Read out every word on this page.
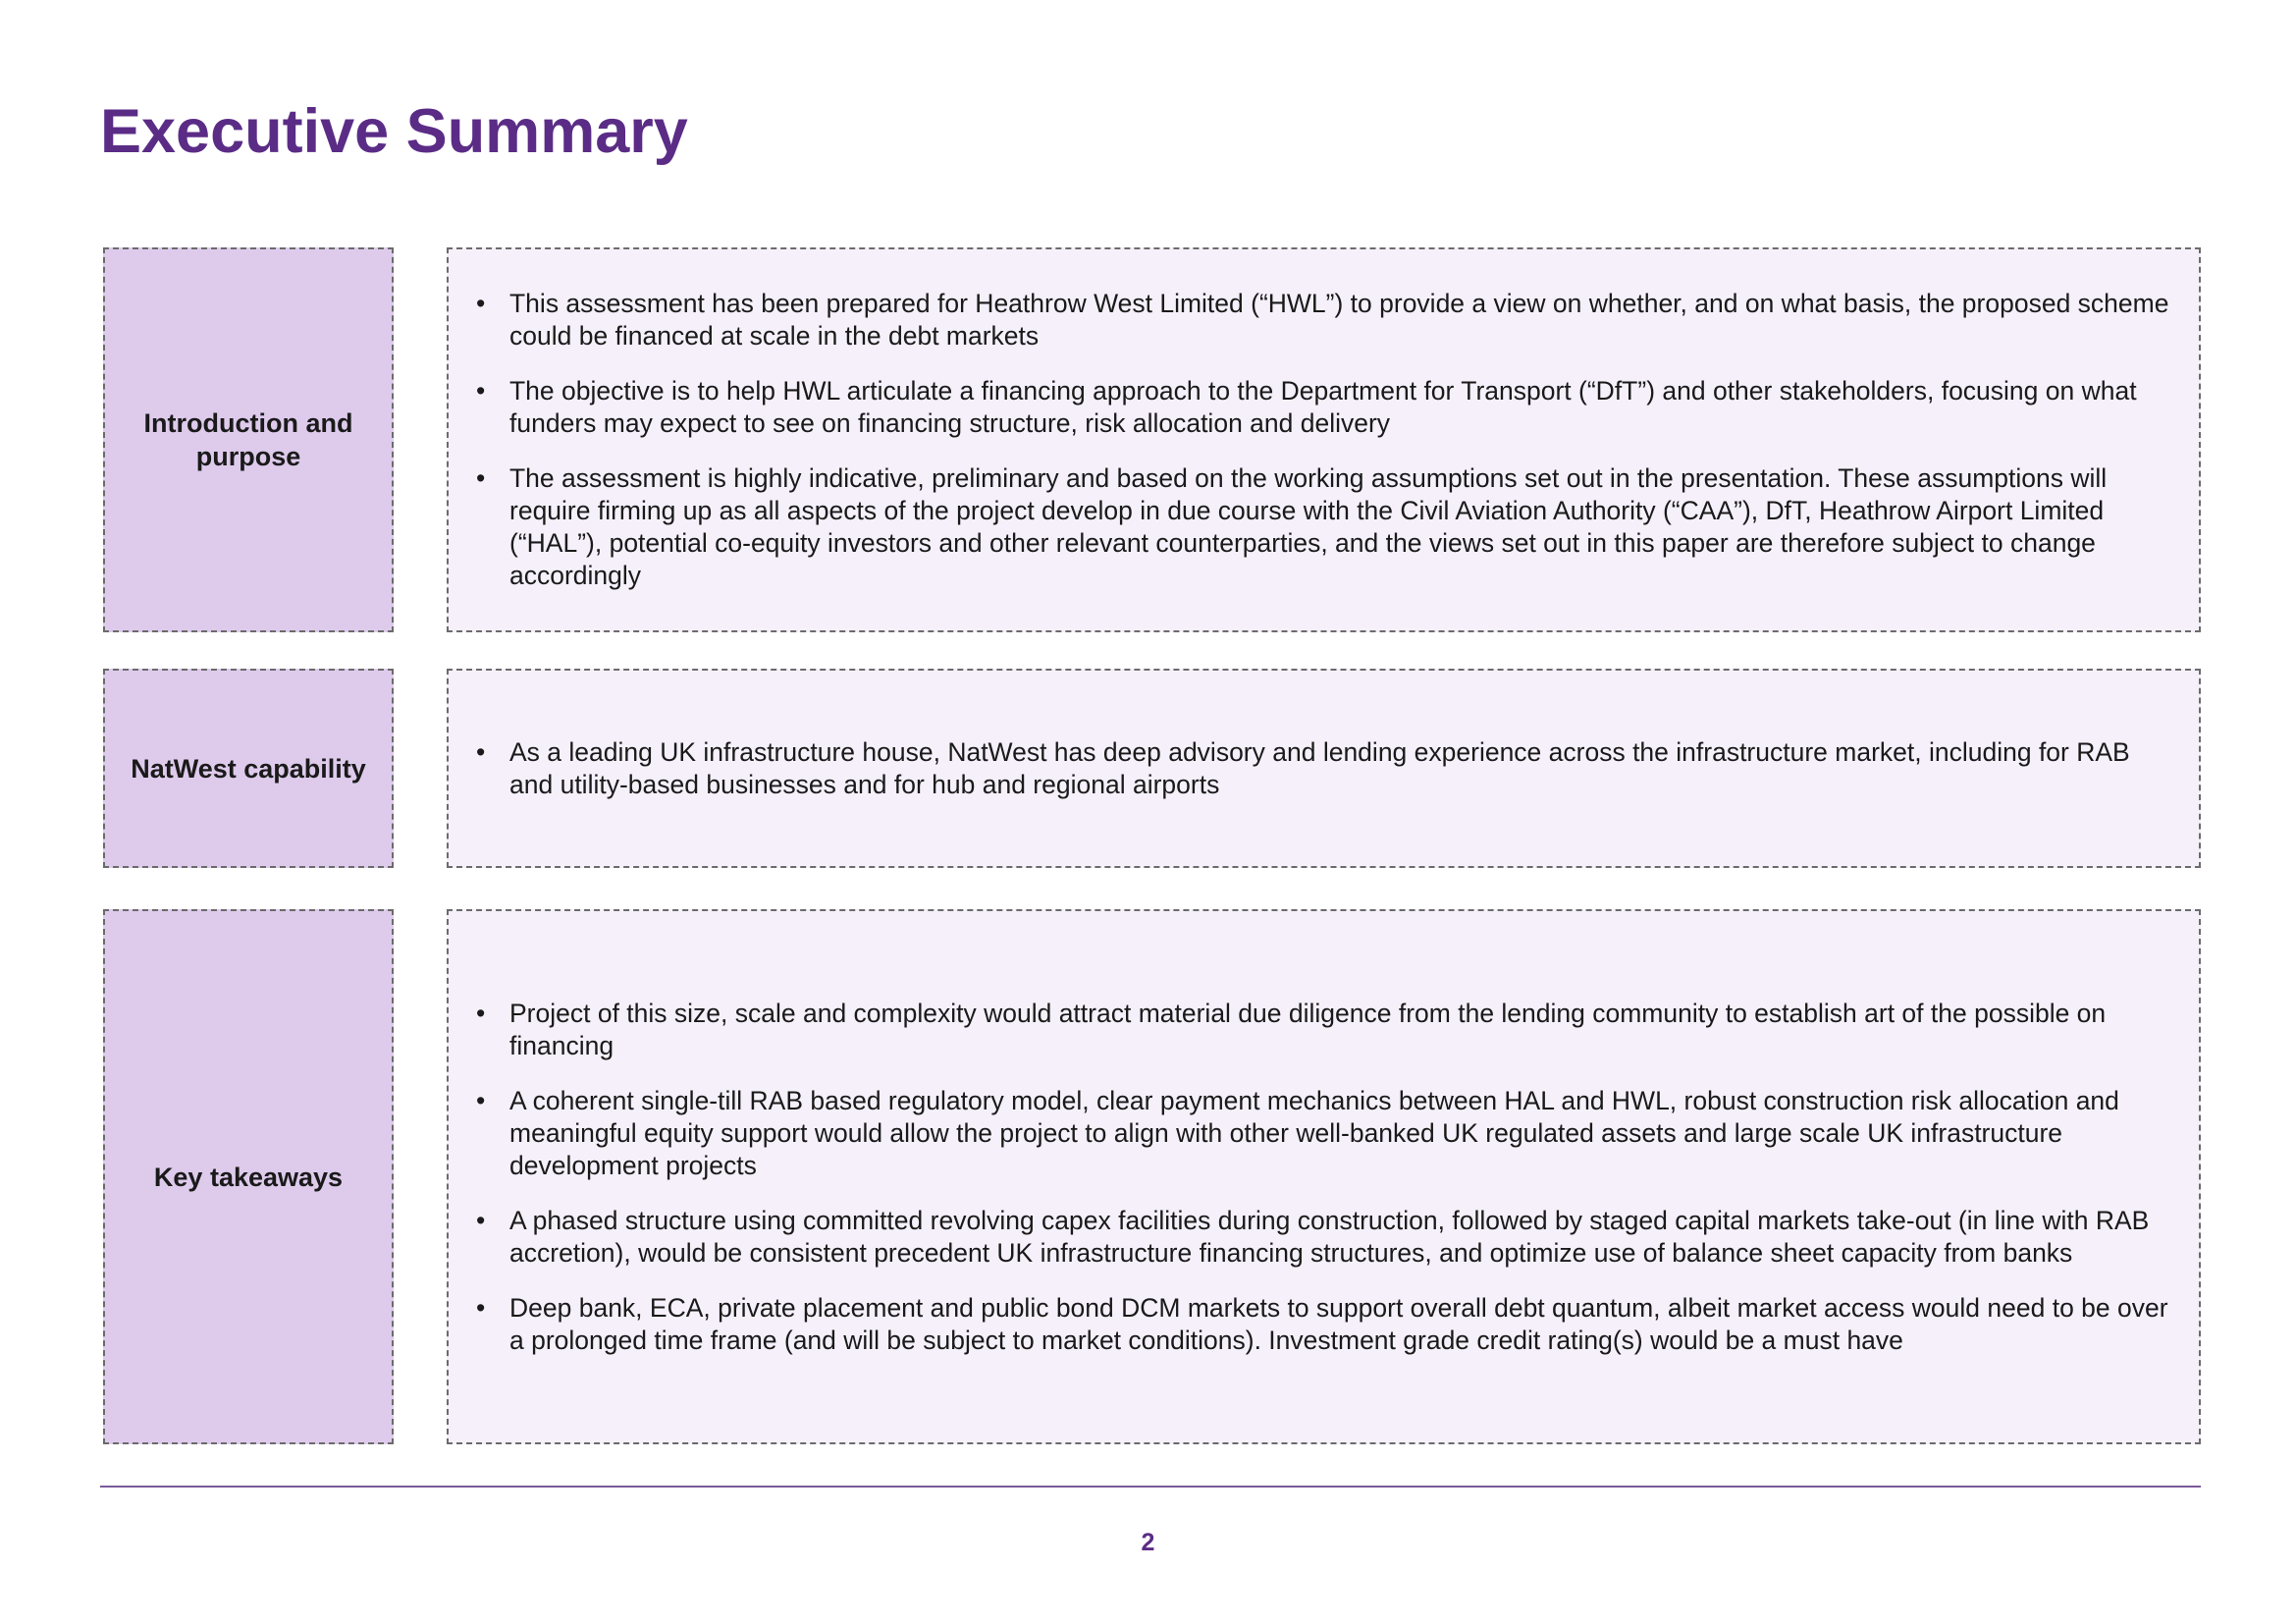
Executive Summary
Introduction and purpose
• This assessment has been prepared for Heathrow West Limited (“HWL”) to provide a view on whether, and on what basis, the proposed scheme could be financed at scale in the debt markets
• The objective is to help HWL articulate a financing approach to the Department for Transport (“DfT”) and other stakeholders, focusing on what funders may expect to see on financing structure, risk allocation and delivery
• The assessment is highly indicative, preliminary and based on the working assumptions set out in the presentation. These assumptions will require firming up as all aspects of the project develop in due course with the Civil Aviation Authority (“CAA”), DfT, Heathrow Airport Limited (“HAL”), potential co-equity investors and other relevant counterparties, and the views set out in this paper are therefore subject to change accordingly
NatWest capability
• As a leading UK infrastructure house, NatWest has deep advisory and lending experience across the infrastructure market, including for RAB and utility-based businesses and for hub and regional airports
Key takeaways
• Project of this size, scale and complexity would attract material due diligence from the lending community to establish art of the possible on financing
• A coherent single-till RAB based regulatory model, clear payment mechanics between HAL and HWL, robust construction risk allocation and meaningful equity support would allow the project to align with other well-banked UK regulated assets and large scale UK infrastructure development projects
• A phased structure using committed revolving capex facilities during construction, followed by staged capital markets take-out (in line with RAB accretion), would be consistent precedent UK infrastructure financing structures, and optimize use of balance sheet capacity from banks
• Deep bank, ECA, private placement and public bond DCM markets to support overall debt quantum, albeit market access would need to be over a prolonged time frame (and will be subject to market conditions). Investment grade credit rating(s) would be a must have
2
